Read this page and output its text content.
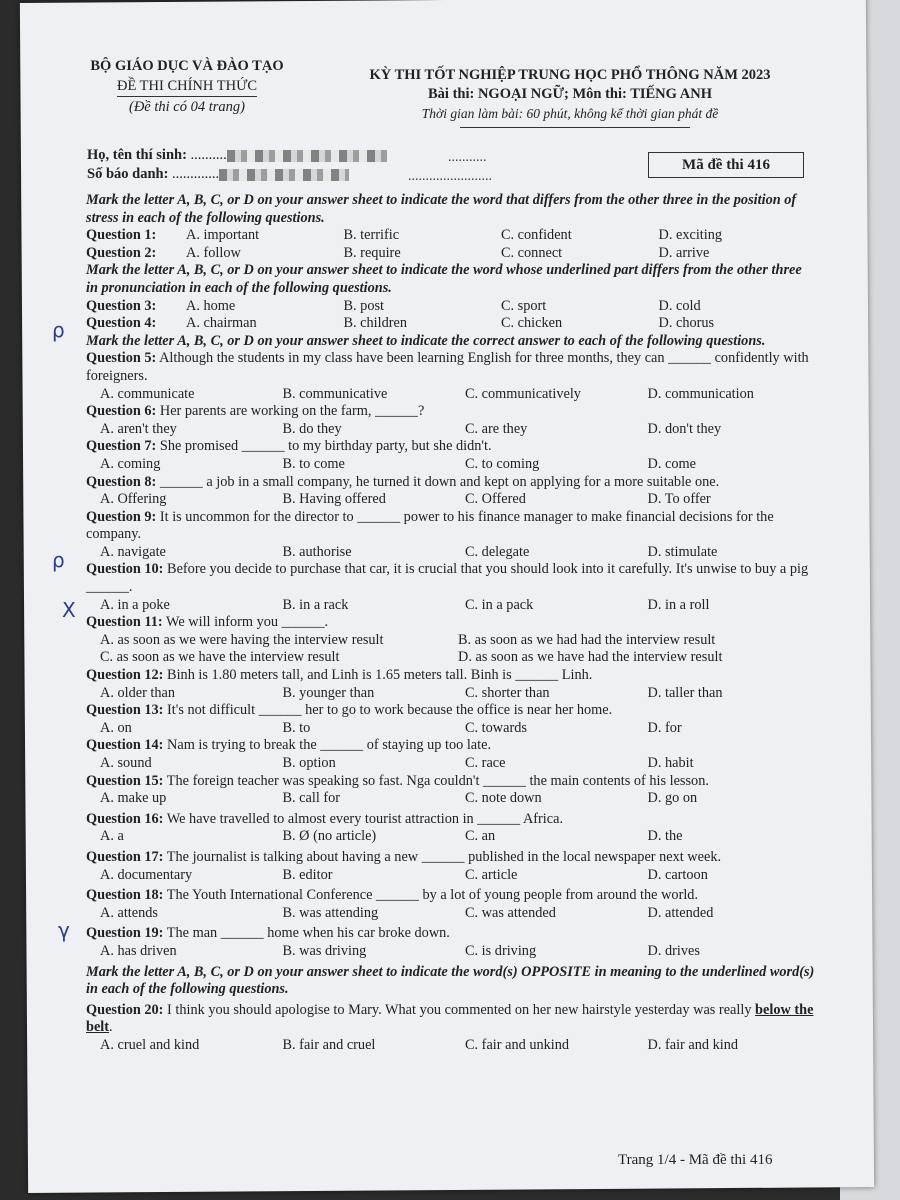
BỘ GIÁO DỤC VÀ ĐÀO TẠO
ĐỀ THI CHÍNH THỨC
(Đề thi có 04 trang)
KỲ THI TỐT NGHIỆP TRUNG HỌC PHỔ THÔNG NĂM 2023
Bài thi: NGOẠI NGỮ; Môn thi: TIẾNG ANH
Thời gian làm bài: 60 phút, không kể thời gian phát đề
Họ, tên thí sinh: ..........
Số báo danh: .............
...........
........................
Mã đề thi 416
Mark the letter A, B, C, or D on your answer sheet to indicate the word that differs from the other three in the position of stress in each of the following questions.
Question 1:	A. important	B. terrific	C. confident	D. exciting
Question 2:	A. follow	B. require	C. connect	D. arrive
Mark the letter A, B, C, or D on your answer sheet to indicate the word whose underlined part differs from the other three in pronunciation in each of the following questions.
Question 3:	A. home	B. post	C. sport	D. cold
Question 4:	A. chairman	B. children	C. chicken	D. chorus
Mark the letter A, B, C, or D on your answer sheet to indicate the correct answer to each of the following questions.
Question 5: Although the students in my class have been learning English for three months, they can ______ confidently with foreigners.
A. communicate	B. communicative	C. communicatively	D. communication
Question 6: Her parents are working on the farm, ______?
A. aren't they	B. do they	C. are they	D. don't they
Question 7: She promised ______ to my birthday party, but she didn't.
A. coming	B. to come	C. to coming	D. come
Question 8: ______ a job in a small company, he turned it down and kept on applying for a more suitable one.
A. Offering	B. Having offered	C. Offered	D. To offer
Question 9: It is uncommon for the director to ______ power to his finance manager to make financial decisions for the company.
A. navigate	B. authorise	C. delegate	D. stimulate
Question 10: Before you decide to purchase that car, it is crucial that you should look into it carefully. It's unwise to buy a pig ______.
A. in a poke	B. in a rack	C. in a pack	D. in a roll
Question 11: We will inform you ______.
A. as soon as we were having the interview result	B. as soon as we had had the interview result
C. as soon as we have the interview result	D. as soon as we have had the interview result
Question 12: Binh is 1.80 meters tall, and Linh is 1.65 meters tall. Binh is ______ Linh.
A. older than	B. younger than	C. shorter than	D. taller than
Question 13: It's not difficult ______ her to go to work because the office is near her home.
A. on	B. to	C. towards	D. for
Question 14: Nam is trying to break the ______ of staying up too late.
A. sound	B. option	C. race	D. habit
Question 15: The foreign teacher was speaking so fast. Nga couldn't ______ the main contents of his lesson.
A. make up	B. call for	C. note down	D. go on
Question 16: We have travelled to almost every tourist attraction in ______ Africa.
A. a	B. Ø (no article)	C. an	D. the
Question 17: The journalist is talking about having a new ______ published in the local newspaper next week.
A. documentary	B. editor	C. article	D. cartoon
Question 18: The Youth International Conference ______ by a lot of young people from around the world.
A. attends	B. was attending	C. was attended	D. attended
Question 19: The man ______ home when his car broke down.
A. has driven	B. was driving	C. is driving	D. drives
Mark the letter A, B, C, or D on your answer sheet to indicate the word(s) OPPOSITE in meaning to the underlined word(s) in each of the following questions.
Question 20: I think you should apologise to Mary. What you commented on her new hairstyle yesterday was really below the belt.
A. cruel and kind	B. fair and cruel	C. fair and unkind	D. fair and kind
Trang 1/4 - Mã đề thi 416
ρ
ρ
X
γ
